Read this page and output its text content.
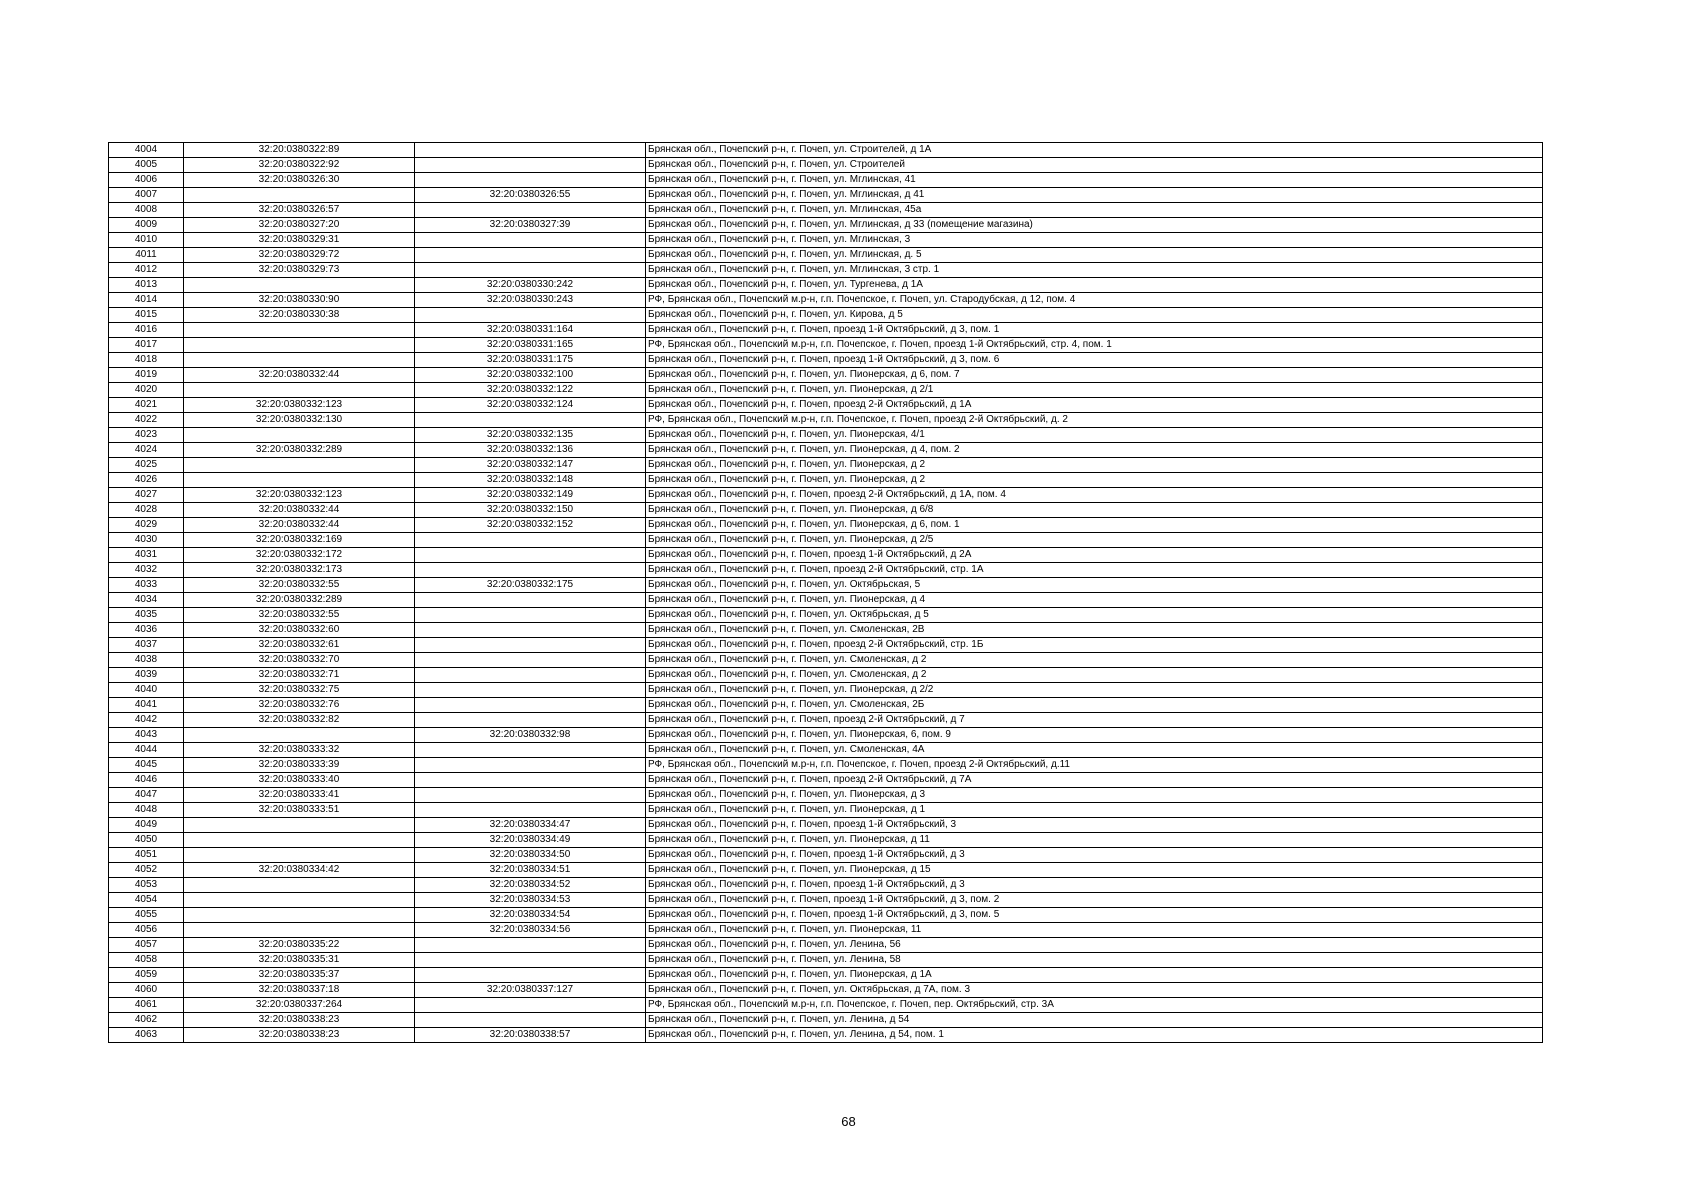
4004	32:20:0380322:89		Брянская обл., Почепский р-н, г. Почеп, ул. Строителей, д 1А
4005	32:20:0380322:92		Брянская обл., Почепский р-н, г. Почеп, ул. Строителей
4006	32:20:0380326:30		Брянская обл., Почепский р-н, г. Почеп, ул. Мглинская, 41
4007		32:20:0380326:55	Брянская обл., Почепский р-н, г. Почеп, ул. Мглинская, д 41
4008	32:20:0380326:57		Брянская обл., Почепский р-н, г. Почеп, ул. Мглинская, 45а
4009	32:20:0380327:20	32:20:0380327:39	Брянская обл., Почепский р-н, г. Почеп, ул. Мглинская, д 33 (помещение магазина)
4010	32:20:0380329:31		Брянская обл., Почепский р-н, г. Почеп, ул. Мглинская, 3
4011	32:20:0380329:72		Брянская обл., Почепский р-н, г. Почеп, ул. Мглинская, д. 5
4012	32:20:0380329:73		Брянская обл., Почепский р-н, г. Почеп, ул. Мглинская, 3 стр. 1
4013		32:20:0380330:242	Брянская обл., Почепский р-н, г. Почеп, ул. Тургенева, д 1А
4014	32:20:0380330:90	32:20:0380330:243	РФ, Брянская обл., Почепский м.р-н, г.п. Почепское, г. Почеп, ул. Стародубская, д 12, пом. 4
4015	32:20:0380330:38		Брянская обл., Почепский р-н, г. Почеп, ул. Кирова, д 5
4016		32:20:0380331:164	Брянская обл., Почепский р-н, г. Почеп, проезд 1-й Октябрьский, д 3, пом. 1
4017		32:20:0380331:165	РФ, Брянская обл., Почепский м.р-н, г.п. Почепское, г. Почеп, проезд 1-й Октябрьский, стр. 4, пом. 1
4018		32:20:0380331:175	Брянская обл., Почепский р-н, г. Почеп, проезд 1-й Октябрьский, д 3, пом. 6
4019	32:20:0380332:44	32:20:0380332:100	Брянская обл., Почепский р-н, г. Почеп, ул. Пионерская, д 6, пом. 7
4020		32:20:0380332:122	Брянская обл., Почепский р-н, г. Почеп, ул. Пионерская, д 2/1
4021	32:20:0380332:123	32:20:0380332:124	Брянская обл., Почепский р-н, г. Почеп, проезд 2-й Октябрьский, д 1А
4022	32:20:0380332:130		РФ, Брянская обл., Почепский м.р-н, г.п. Почепское, г. Почеп, проезд 2-й Октябрьский, д. 2
4023		32:20:0380332:135	Брянская обл., Почепский р-н, г. Почеп, ул. Пионерская, 4/1
4024	32:20:0380332:289	32:20:0380332:136	Брянская обл., Почепский р-н, г. Почеп, ул. Пионерская, д 4, пом. 2
4025		32:20:0380332:147	Брянская обл., Почепский р-н, г. Почеп, ул. Пионерская, д 2
4026		32:20:0380332:148	Брянская обл., Почепский р-н, г. Почеп, ул. Пионерская, д 2
4027	32:20:0380332:123	32:20:0380332:149	Брянская обл., Почепский р-н, г. Почеп, проезд 2-й Октябрьский, д 1А, пом. 4
4028	32:20:0380332:44	32:20:0380332:150	Брянская обл., Почепский р-н, г. Почеп, ул. Пионерская, д 6/8
4029	32:20:0380332:44	32:20:0380332:152	Брянская обл., Почепский р-н, г. Почеп, ул. Пионерская, д 6, пом. 1
4030	32:20:0380332:169		Брянская обл., Почепский р-н, г. Почеп, ул. Пионерская, д 2/5
4031	32:20:0380332:172		Брянская обл., Почепский р-н, г. Почеп, проезд 1-й Октябрьский, д 2А
4032	32:20:0380332:173		Брянская обл., Почепский р-н, г. Почеп, проезд 2-й Октябрьский, стр. 1А
4033	32:20:0380332:55	32:20:0380332:175	Брянская обл., Почепский р-н, г. Почеп, ул. Октябрьская, 5
4034	32:20:0380332:289		Брянская обл., Почепский р-н, г. Почеп, ул. Пионерская, д 4
4035	32:20:0380332:55		Брянская обл., Почепский р-н, г. Почеп, ул. Октябрьская, д 5
4036	32:20:0380332:60		Брянская обл., Почепский р-н, г. Почеп, ул. Смоленская, 2В
4037	32:20:0380332:61		Брянская обл., Почепский р-н, г. Почеп, проезд 2-й Октябрьский, стр. 1Б
4038	32:20:0380332:70		Брянская обл., Почепский р-н, г. Почеп, ул. Смоленская, д 2
4039	32:20:0380332:71		Брянская обл., Почепский р-н, г. Почеп, ул. Смоленская, д 2
4040	32:20:0380332:75		Брянская обл., Почепский р-н, г. Почеп, ул. Пионерская, д 2/2
4041	32:20:0380332:76		Брянская обл., Почепский р-н, г. Почеп, ул. Смоленская, 2Б
4042	32:20:0380332:82		Брянская обл., Почепский р-н, г. Почеп, проезд 2-й Октябрьский, д 7
4043		32:20:0380332:98	Брянская обл., Почепский р-н, г. Почеп, ул. Пионерская, 6, пом. 9
4044	32:20:0380333:32		Брянская обл., Почепский р-н, г. Почеп, ул. Смоленская, 4А
4045	32:20:0380333:39		РФ, Брянская обл., Почепский м.р-н, г.п. Почепское, г. Почеп, проезд 2-й Октябрьский, д.11
4046	32:20:0380333:40		Брянская обл., Почепский р-н, г. Почеп, проезд 2-й Октябрьский, д 7А
4047	32:20:0380333:41		Брянская обл., Почепский р-н, г. Почеп, ул. Пионерская, д 3
4048	32:20:0380333:51		Брянская обл., Почепский р-н, г. Почеп, ул. Пионерская, д 1
4049		32:20:0380334:47	Брянская обл., Почепский р-н, г. Почеп, проезд 1-й Октябрьский, 3
4050		32:20:0380334:49	Брянская обл., Почепский р-н, г. Почеп, ул. Пионерская, д 11
4051		32:20:0380334:50	Брянская обл., Почепский р-н, г. Почеп, проезд 1-й Октябрьский, д 3
4052	32:20:0380334:42	32:20:0380334:51	Брянская обл., Почепский р-н, г. Почеп, ул. Пионерская, д 15
4053		32:20:0380334:52	Брянская обл., Почепский р-н, г. Почеп, проезд 1-й Октябрьский, д 3
4054		32:20:0380334:53	Брянская обл., Почепский р-н, г. Почеп, проезд 1-й Октябрьский, д 3, пом. 2
4055		32:20:0380334:54	Брянская обл., Почепский р-н, г. Почеп, проезд 1-й Октябрьский, д 3, пом. 5
4056		32:20:0380334:56	Брянская обл., Почепский р-н, г. Почеп, ул. Пионерская, 11
4057	32:20:0380335:22		Брянская обл., Почепский р-н, г. Почеп, ул. Ленина, 56
4058	32:20:0380335:31		Брянская обл., Почепский р-н, г. Почеп, ул. Ленина, 58
4059	32:20:0380335:37		Брянская обл., Почепский р-н, г. Почеп, ул. Пионерская, д 1А
4060	32:20:0380337:18	32:20:0380337:127	Брянская обл., Почепский р-н, г. Почеп, ул. Октябрьская, д 7А, пом. 3
4061	32:20:0380337:264		РФ, Брянская обл., Почепский м.р-н, г.п. Почепское, г. Почеп, пер. Октябрьский, стр. 3А
4062	32:20:0380338:23		Брянская обл., Почепский р-н, г. Почеп, ул. Ленина, д 54
4063	32:20:0380338:23	32:20:0380338:57	Брянская обл., Почепский р-н, г. Почеп, ул. Ленина, д 54, пом. 1
68
